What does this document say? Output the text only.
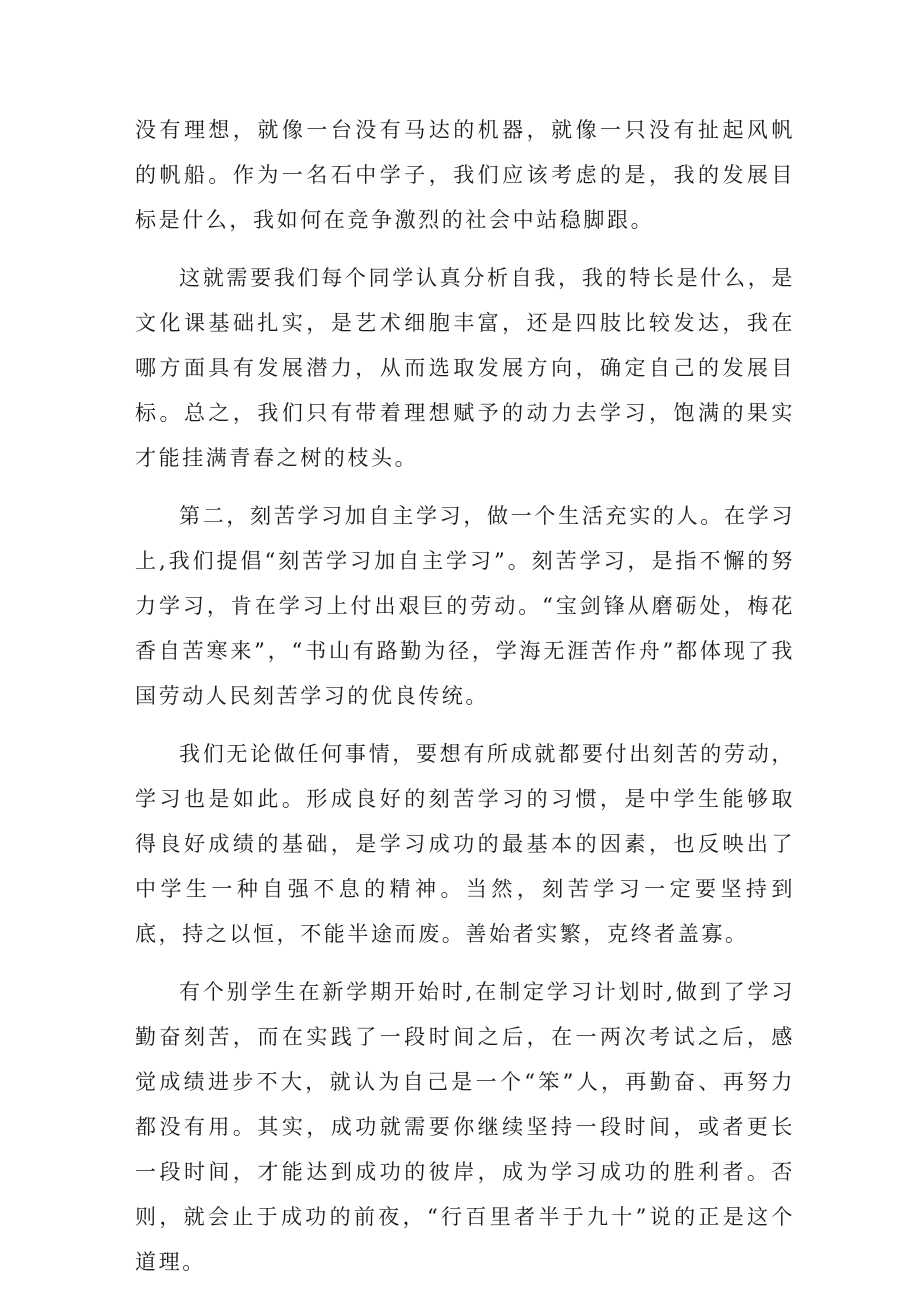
没有理想，就像一台没有马达的机器，就像一只没有扯起风帆的帆船。作为一名石中学子，我们应该考虑的是，我的发展目标是什么，我如何在竞争激烈的社会中站稳脚跟。

这就需要我们每个同学认真分析自我，我的特长是什么，是文化课基础扎实，是艺术细胞丰富，还是四肢比较发达，我在哪方面具有发展潜力，从而选取发展方向，确定自己的发展目标。总之，我们只有带着理想赋予的动力去学习，饱满的果实才能挂满青春之树的枝头。

第二，刻苦学习加自主学习，做一个生活充实的人。在学习上,我们提倡“刻苦学习加自主学习”。刻苦学习，是指不懈的努力学习，肯在学习上付出艰巨的劳动。“宝剑锋从磨砺处，梅花香自苦寒来”，“书山有路勤为径，学海无涯苦作舟”都体现了我国劳动人民刻苦学习的优良传统。

我们无论做任何事情，要想有所成就都要付出刻苦的劳动，学习也是如此。形成良好的刻苦学习的习惯，是中学生能够取得良好成绩的基础，是学习成功的最基本的因素，也反映出了中学生一种自强不息的精神。当然，刻苦学习一定要坚持到底，持之以恒，不能半途而废。善始者实繁，克终者盖寡。

有个别学生在新学期开始时,在制定学习计划时,做到了学习勤奋刻苦，而在实践了一段时间之后，在一两次考试之后，感觉成绩进步不大，就认为自己是一个“笨”人，再勤奋、再努力都没有用。其实，成功就需要你继续坚持一段时间，或者更长一段时间，才能达到成功的彼岸，成为学习成功的胜利者。否则，就会止于成功的前夜，“行百里者半于九十”说的正是这个道理。
